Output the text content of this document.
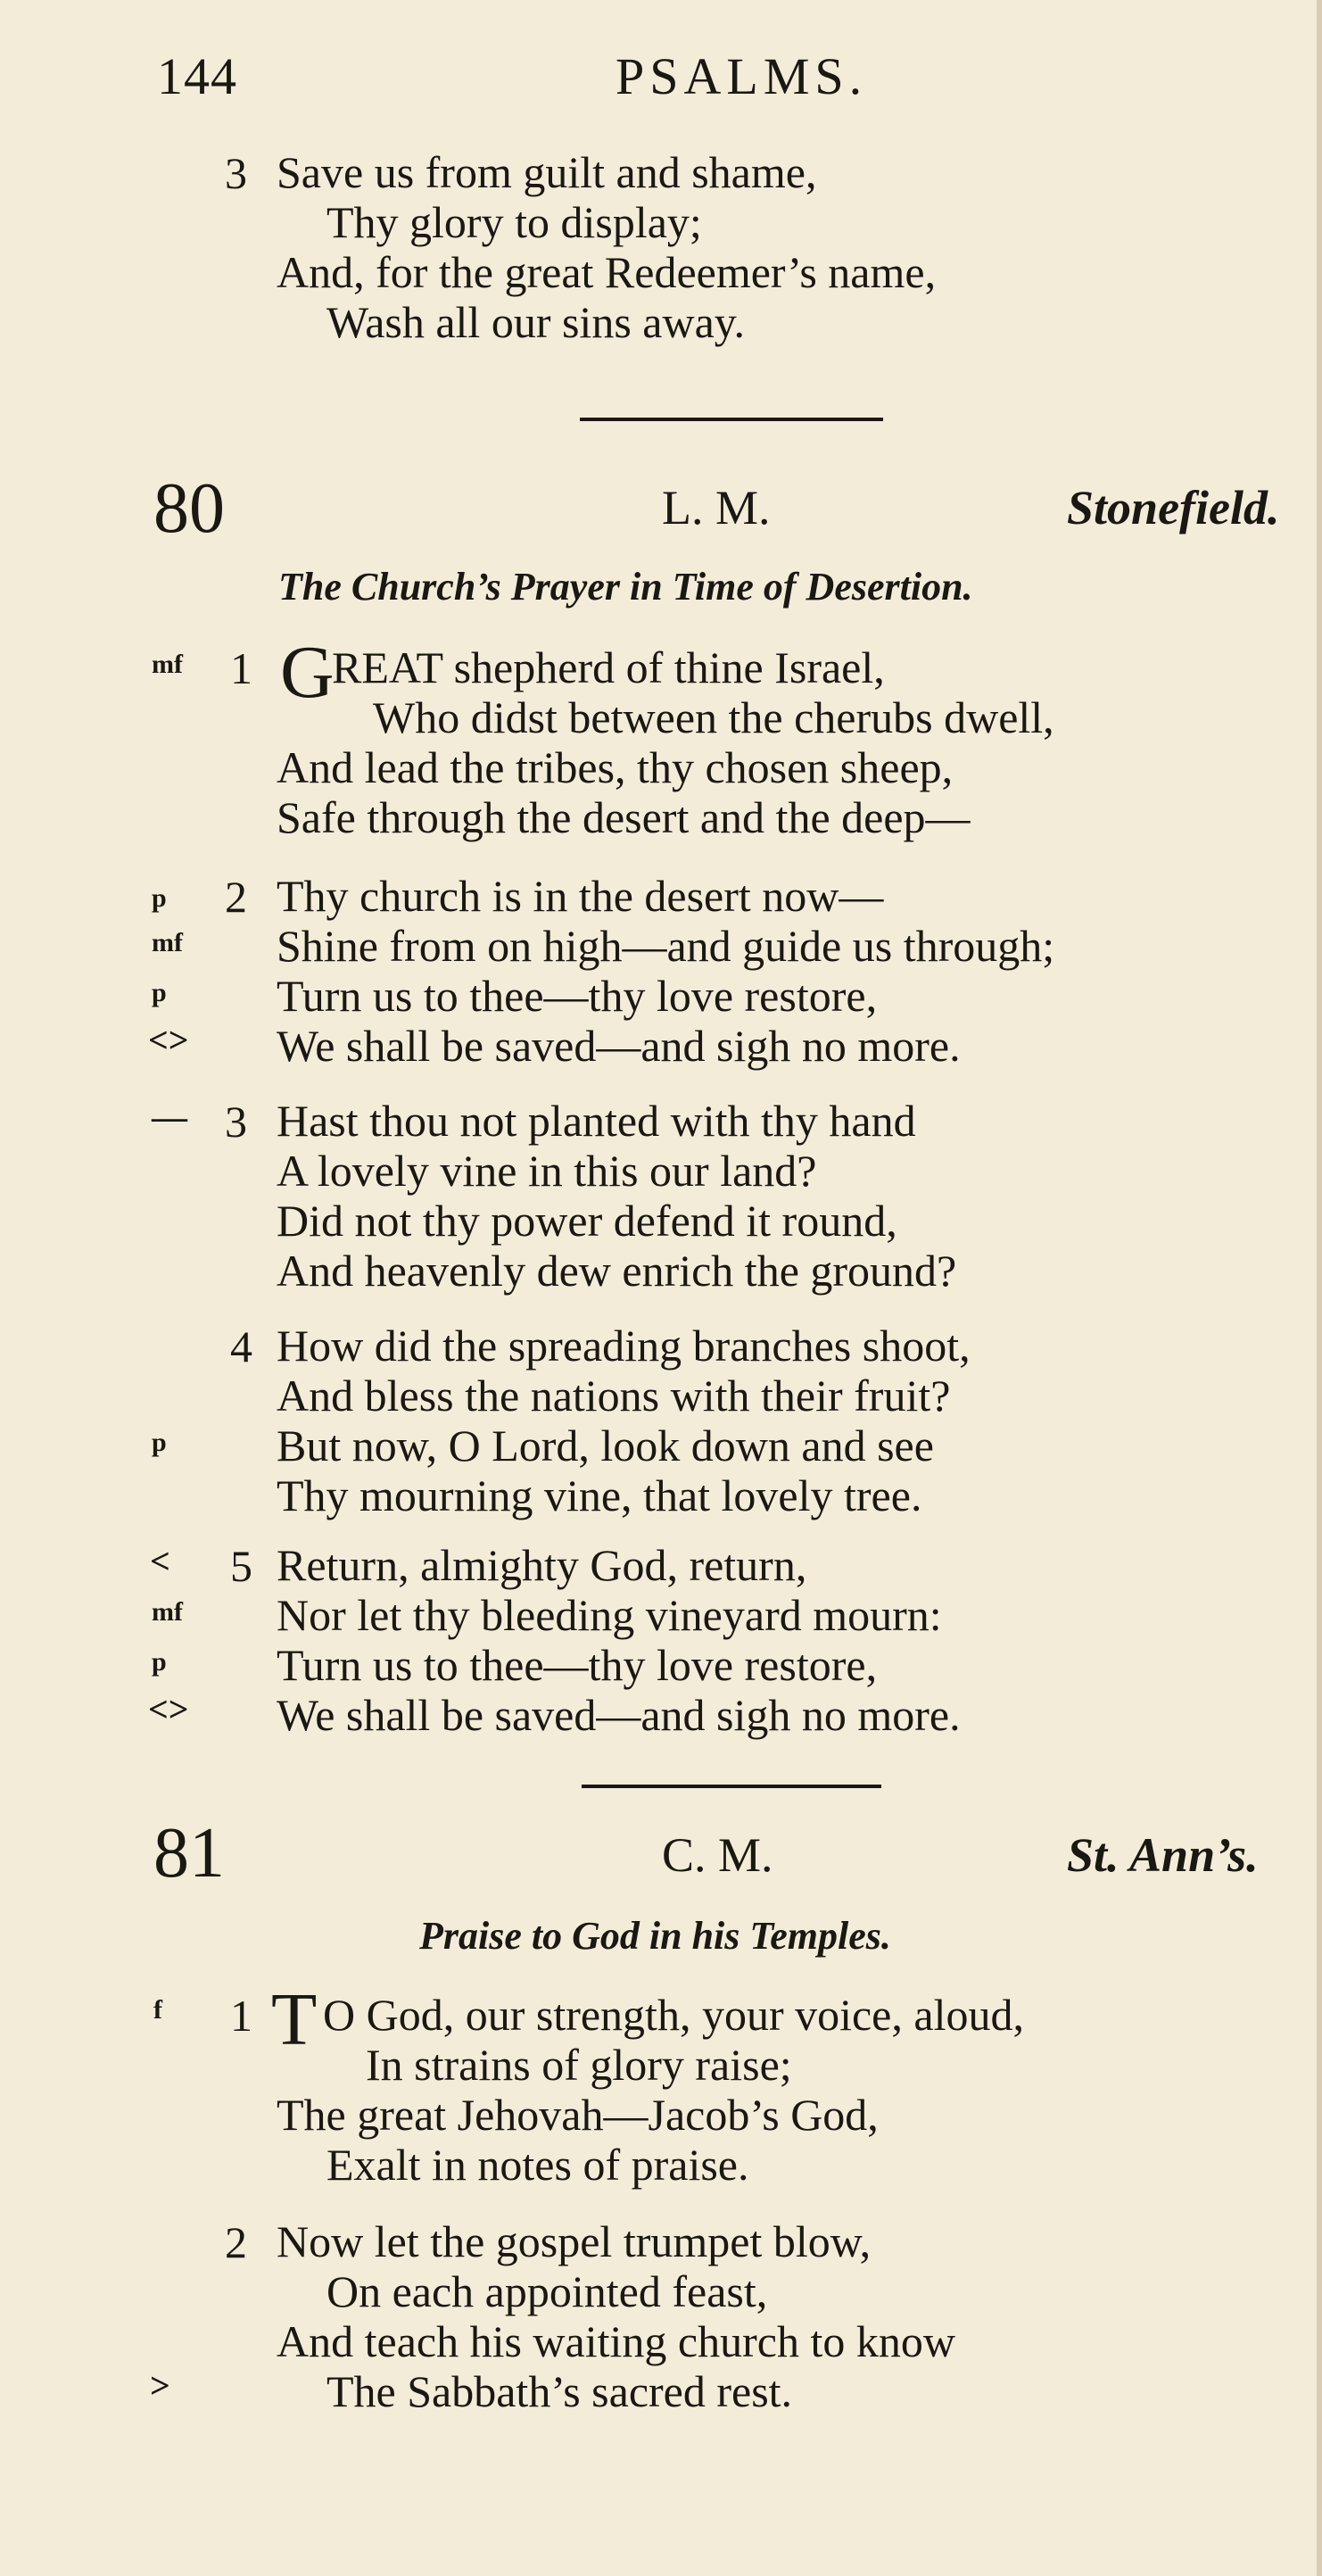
144	PSALMS.
3 Save us from guilt and shame,
Thy glory to display;
And, for the great Redeemer’s name,
Wash all our sins away.
80	L. M.	Stonefield.
The Church’s Prayer in Time of Desertion.
mf 1 G
REAT shepherd of thine Israel,
Who didst between the cherubs dwell,
And lead the tribes, thy chosen sheep,
Safe through the desert and the deep—
p 2 Thy church is in the desert now—
mf Shine from on high—and guide us through;
p Turn us to thee—thy love restore,
<> We shall be saved—and sigh no more.
— 3 Hast thou not planted with thy hand
A lovely vine in this our land?
Did not thy power defend it round,
And heavenly dew enrich the ground?
4 How did the spreading branches shoot,
And bless the nations with their fruit?
p But now, O Lord, look down and see
Thy mourning vine, that lovely tree.
< 5 Return, almighty God, return,
mf Nor let thy bleeding vineyard mourn:
p Turn us to thee—thy love restore,
<> We shall be saved—and sigh no more.
81	C. M.	St. Ann’s.
Praise to God in his Temples.
f 1 T O God, our strength, your voice, aloud,
In strains of glory raise;
The great Jehovah—Jacob’s God,
Exalt in notes of praise.
2 Now let the gospel trumpet blow,
On each appointed feast,
And teach his waiting church to know
>	The Sabbath’s sacred rest.
